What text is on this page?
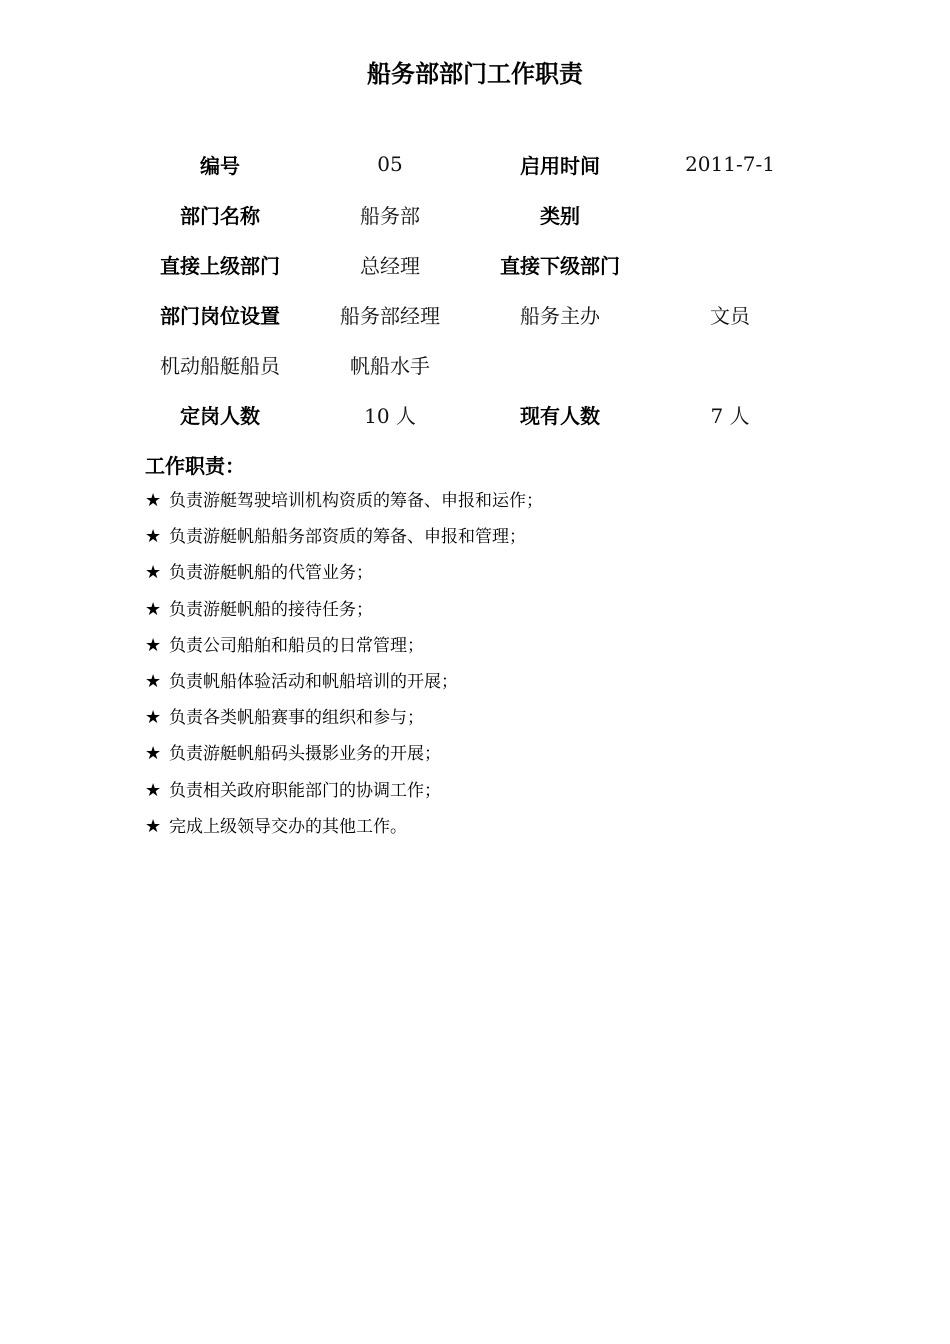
船务部部门工作职责
编号	05	启用时间	2011-7-1
部门名称	船务部	类别	
直接上级部门	总经理	直接下级部门	
部门岗位设置	船务部经理	船务主办	文员
机动船艇船员	帆船水手		
定岗人数	10 人	现有人数	7 人
工作职责：
★ 负责游艇驾驶培训机构资质的筹备、申报和运作；
★ 负责游艇帆船船务部资质的筹备、申报和管理；
★ 负责游艇帆船的代管业务；
★ 负责游艇帆船的接待任务；
★ 负责公司船舶和船员的日常管理；
★ 负责帆船体验活动和帆船培训的开展；
★ 负责各类帆船赛事的组织和参与；
★ 负责游艇帆船码头摄影业务的开展；
★ 负责相关政府职能部门的协调工作；
★ 完成上级领导交办的其他工作。
